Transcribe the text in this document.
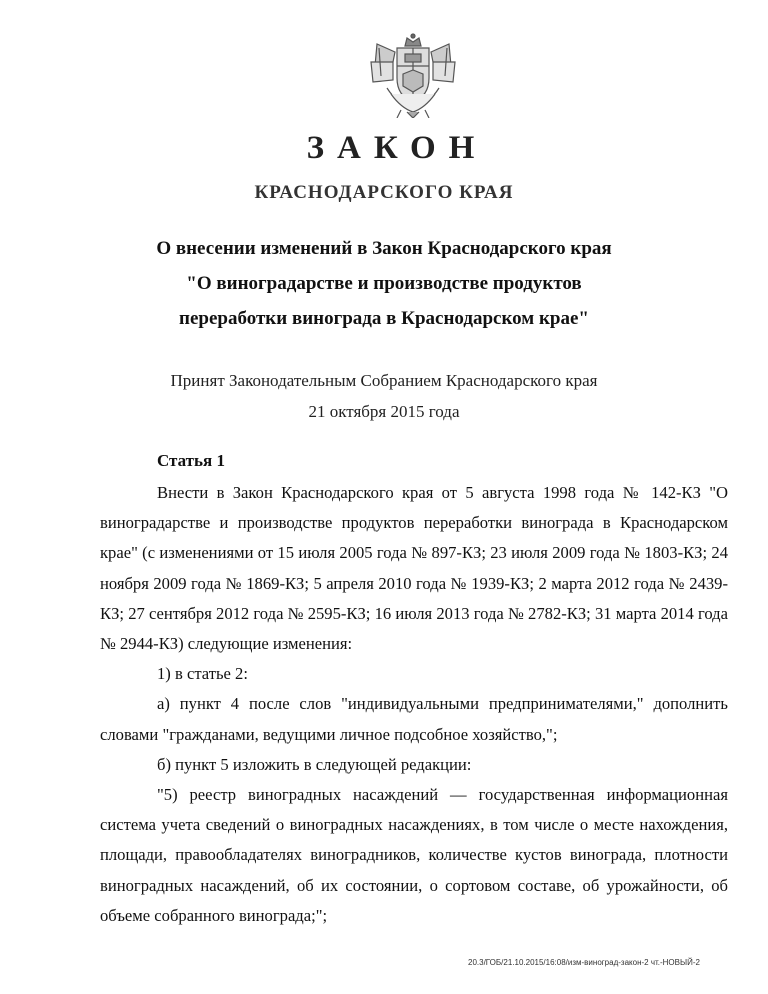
ЗАКОН
КРАСНОДАРСКОГО КРАЯ
О внесении изменений в Закон Краснодарского края
"О виноградарстве и производстве продуктов
переработки винограда в Краснодарском крае"
Принят Законодательным Собранием Краснодарского края
21 октября 2015 года
Статья 1

Внести в Закон Краснодарского края от 5 августа 1998 года № 142-КЗ "О виноградарстве и производстве продуктов переработки винограда в Краснодарском крае" (с изменениями от 15 июля 2005 года № 897-КЗ; 23 июля 2009 года № 1803-КЗ; 24 ноября 2009 года № 1869-КЗ; 5 апреля 2010 года № 1939-КЗ; 2 марта 2012 года № 2439-КЗ; 27 сентября 2012 года № 2595-КЗ; 16 июля 2013 года № 2782-КЗ; 31 марта 2014 года № 2944-КЗ) следующие изменения:

1) в статье 2:

а) пункт 4 после слов "индивидуальными предпринимателями," дополнить словами "гражданами, ведущими личное подсобное хозяйство,";

б) пункт 5 изложить в следующей редакции:

"5) реестр виноградных насаждений — государственная информационная система учета сведений о виноградных насаждениях, в том числе о месте нахождения, площади, правообладателях виноградников, количестве кустов винограда, плотности виноградных насаждений, об их состоянии, о сортовом составе, об урожайности, об объеме собранного винограда;";

20.3/ГОБ/21.10.2015/16:08/изм-виноград-закон-2 чт.-НОВЫЙ-2
